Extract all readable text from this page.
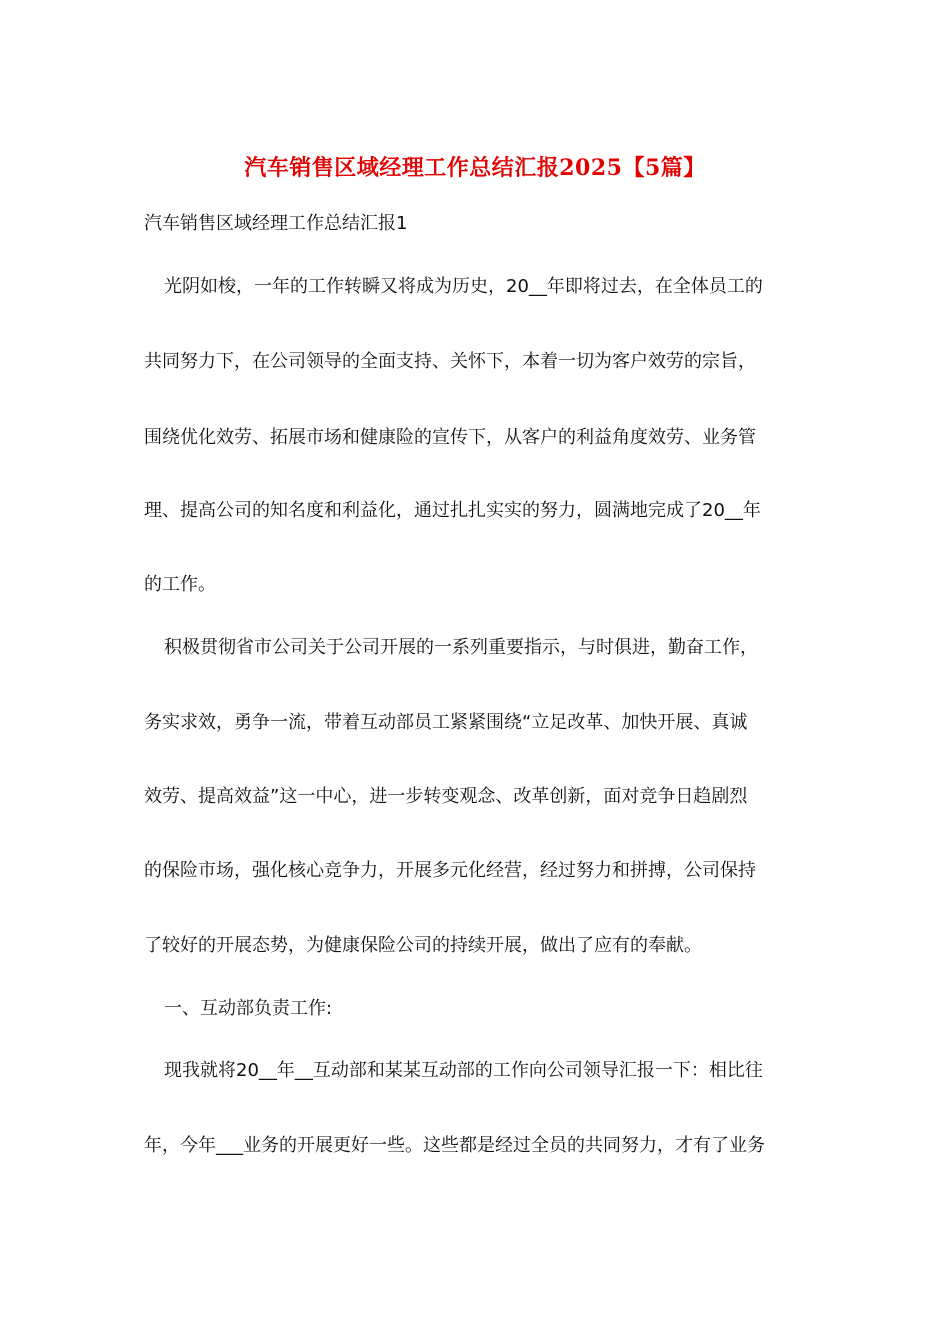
汽车销售区域经理工作总结汇报2025【5篇】
汽车销售区域经理工作总结汇报1
光阴如梭，一年的工作转瞬又将成为历史，20__年即将过去，在全体员工的
共同努力下，在公司领导的全面支持、关怀下，本着一切为客户效劳的宗旨，
围绕优化效劳、拓展市场和健康险的宣传下，从客户的利益角度效劳、业务管
理、提高公司的知名度和利益化，通过扎扎实实的努力，圆满地完成了20__年
的工作。
积极贯彻省市公司关于公司开展的一系列重要指示，与时俱进，勤奋工作，
务实求效，勇争一流，带着互动部员工紧紧围绕“立足改革、加快开展、真诚
效劳、提高效益”这一中心，进一步转变观念、改革创新，面对竞争日趋剧烈
的保险市场，强化核心竞争力，开展多元化经营，经过努力和拼搏，公司保持
了较好的开展态势，为健康保险公司的持续开展，做出了应有的奉献。
一、互动部负责工作:
现我就将20__年__互动部和某某互动部的工作向公司领导汇报一下：相比往
年，今年___业务的开展更好一些。这些都是经过全员的共同努力，才有了业务
